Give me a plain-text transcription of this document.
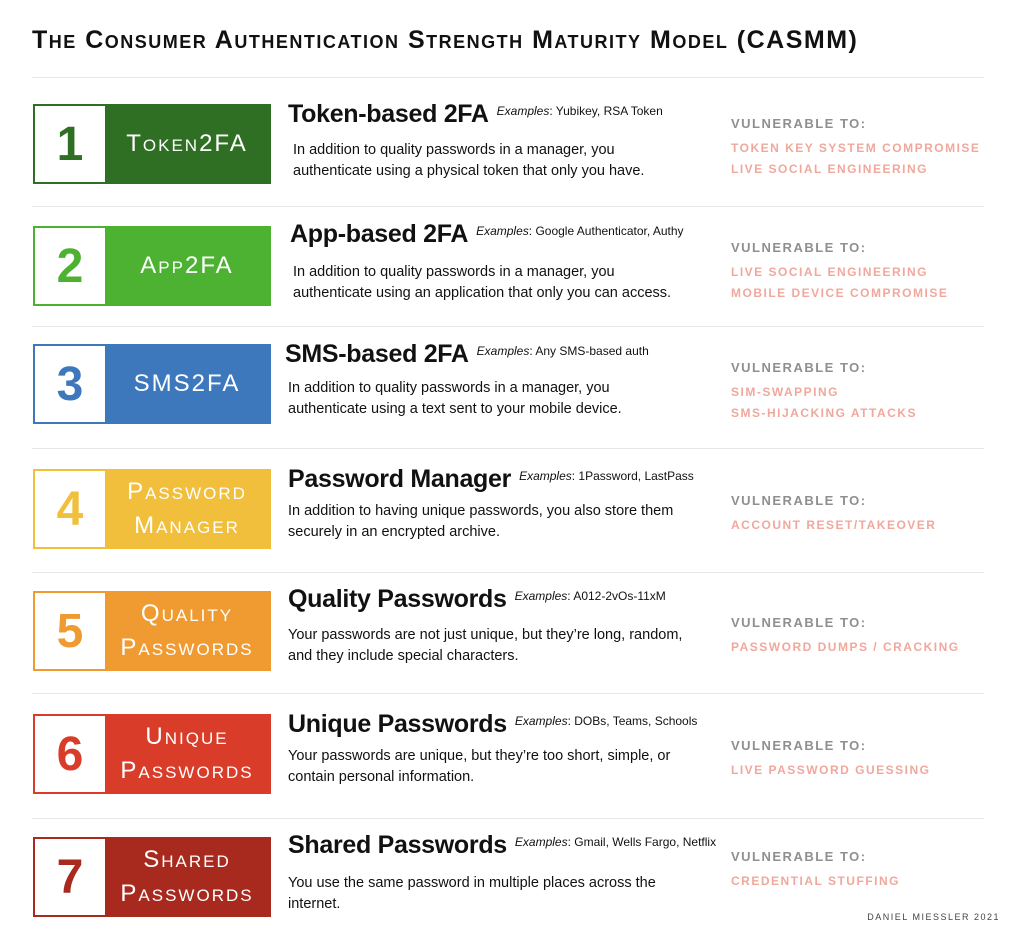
The Consumer Authentication Strength Maturity Model (CASMM)
1	Token2FA
Token-based 2FA $^{Examples: Yubikey, RSA Token}$
In addition to quality passwords in a manager, you authenticate using a physical token that only you have.
VULNERABLE TO:
TOKEN KEY SYSTEM COMPROMISE
LIVE SOCIAL ENGINEERING
2	App2FA
App-based 2FA $^{Examples: Google Authenticator, Authy}$
In addition to quality passwords in a manager, you authenticate using an application that only you can access.
VULNERABLE TO:
LIVE SOCIAL ENGINEERING
MOBILE DEVICE COMPROMISE
3	SMS2FA
SMS-based 2FA $^{Examples: Any SMS-based auth}$
In addition to quality passwords in a manager, you authenticate using a text sent to your mobile device.
VULNERABLE TO:
SIM-SWAPPING
SMS-HIJACKING ATTACKS
4	Password
Manager
Password Manager $^{Examples: 1Password, LastPass}$
In addition to having unique passwords, you also store them securely in an encrypted archive.
VULNERABLE TO:
ACCOUNT RESET/TAKEOVER
5	Quality
Passwords
Quality Passwords $^{Examples: A012-2vOs-11xM}$
Your passwords are not just unique, but they’re long, random, and they include special characters.
VULNERABLE TO:
PASSWORD DUMPS / CRACKING
6	Unique
Passwords
Unique Passwords $^{Examples: DOBs, Teams, Schools}$
Your passwords are unique, but they’re too short, simple, or contain personal information.
VULNERABLE TO:
LIVE PASSWORD GUESSING
7	Shared
Passwords
Shared Passwords $^{Examples: Gmail, Wells Fargo, Netflix}$
You use the same password in multiple places across the internet.
VULNERABLE TO:
CREDENTIAL STUFFING
DANIEL MIESSLER 2021
